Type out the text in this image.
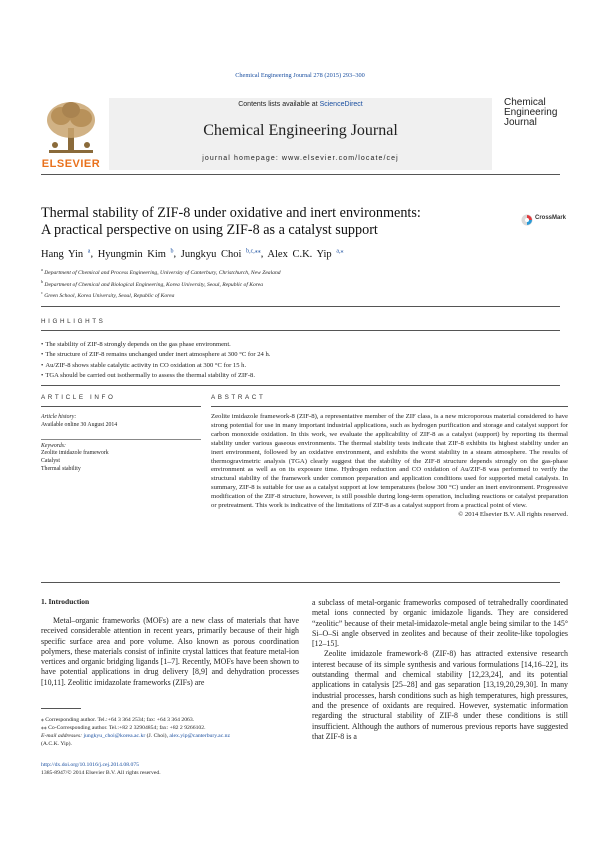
Chemical Engineering Journal 278 (2015) 293–300
ELSEVIER
Contents lists available at ScienceDirect
Chemical Engineering Journal
journal homepage: www.elsevier.com/locate/cej
Chemical
Engineering
Journal
Thermal stability of ZIF-8 under oxidative and inert environments:
A practical perspective on using ZIF-8 as a catalyst support
CrossMark
Hang Yin $^a$, Hyungmin Kim $^b$, Jungkyu Choi $^{b,c,⁎⁎}$, Alex C.K. Yip $^{a,⁎}$
$^a$ Department of Chemical and Process Engineering, University of Canterbury, Christchurch, New Zealand
$^b$ Department of Chemical and Biological Engineering, Korea University, Seoul, Republic of Korea
$^c$ Green School, Korea University, Seoul, Republic of Korea
HIGHLIGHTS
• The stability of ZIF-8 strongly depends on the gas phase environment.
• The structure of ZIF-8 remains unchanged under inert atmosphere at 300 °C for 24 h.
• Au/ZIF-8 shows stable catalytic activity in CO oxidation at 300 °C for 15 h.
• TGA should be carried out isothermally to assess the thermal stability of ZIF-8.
ARTICLE INFO	ABSTRACT
Article history:
Available online 30 August 2014
Keywords:
Zeolite imidazole framework
Catalyst
Thermal stability
Zeolite imidazole framework-8 (ZIF-8), a representative member of the ZIF class, is a new microporous material considered to have strong potential for use in many important industrial applications, such as hydrogen purification and storage and catalyst support for carbon monoxide oxidation. In this work, we evaluate the applicability of ZIF-8 as a catalyst (support) by reporting its thermal stability under various gaseous environments. The thermal stability tests indicate that ZIF-8 exhibits its highest stability under an inert environment, followed by an oxidative environment, and exhibits the worst stability in a steam atmosphere. The results of thermogravimetric analysis (TGA) clearly suggest that the stability of the ZIF-8 structure depends strongly on the gas-phase environment as well as on its exposure time. Hydrogen reduction and CO oxidation of Au/ZIF-8 was performed to verify the structural stability of the framework under common preparation and application conditions used for supported metal catalysts. In summary, ZIF-8 is suitable for use as a catalyst support at low temperatures (below 300 °C) under an inert environment. Progressive modification of the ZIF-8 structure, however, is still possible during long-term operation, including reactions or catalyst preparation or pretreatment. This work is indicative of the limitations of ZIF-8 as a catalyst support from a practical point of view.
© 2014 Elsevier B.V. All rights reserved.
1. Introduction

Metal–organic frameworks (MOFs) are a new class of materials that have received considerable attention in recent years, primarily because of their high specific surface area and pore volume. Also known as porous coordination polymers, these materials consist of infinite crystal lattices that feature metal-ion vertices and organic bridging ligands [1–7]. Recently, MOFs have been shown to have potential applications in drug delivery [8,9] and dehydration processes [10,11]. Zeolitic imidazolate frameworks (ZIFs) are

a subclass of metal-organic frameworks composed of tetrahedrally coordinated metal ions connected by organic imidazole ligands. They are considered “zeolitic” because of their metal-imidazole-metal angle being similar to the 145° Si–O–Si angle observed in zeolites and because of their zeolite-like topologies [12–15].

Zeolite imidazole framework-8 (ZIF-8) has attracted extensive research interest because of its simple synthesis and various formulations [14,16–22], its outstanding thermal and chemical stability [12,23,24], and its potential applications in catalysis [25–28] and gas separation [13,19,20,29,30]. In many industrial processes, harsh conditions such as high temperatures, high pressures, and the presence of oxidants are required. However, systematic information regarding the structural stability of ZIF-8 under these conditions is still insufficient. Although the authors of numerous previous reports have suggested that ZIF-8 is a

⁎ Corresponding author. Tel.:+64 3 364 2534; fax: +64 3 364 2063.
⁎⁎ Co-Corresponding author. Tel.:+82 2 32904854; fax: +82 2 9266102.
E-mail addresses: jungkyu_choi@korea.ac.kr (J. Choi), alex.yip@canterbury.ac.nz
(A.C.K. Yip).
http://dx.doi.org/10.1016/j.cej.2014.08.075
1385-8947/© 2014 Elsevier B.V. All rights reserved.
